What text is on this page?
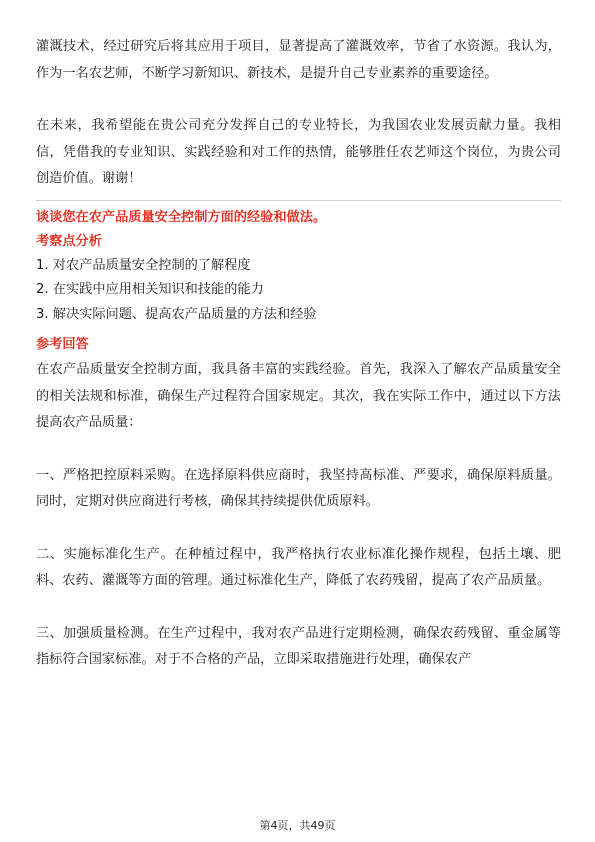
灌溉技术，经过研究后将其应用于项目，显著提高了灌溉效率，节省了水资源。我认为，作为一名农艺师，不断学习新知识、新技术，是提升自己专业素养的重要途径。

在未来，我希望能在贵公司充分发挥自己的专业特长，为我国农业发展贡献力量。我相信，凭借我的专业知识、实践经验和对工作的热情，能够胜任农艺师这个岗位，为贵公司创造价值。谢谢！

谈谈您在农产品质量安全控制方面的经验和做法。

考察点分析

1. 对农产品质量安全控制的了解程度

2. 在实践中应用相关知识和技能的能力

3. 解决实际问题、提高农产品质量的方法和经验

参考回答

在农产品质量安全控制方面，我具备丰富的实践经验。首先，我深入了解农产品质量安全的相关法规和标准，确保生产过程符合国家规定。其次，我在实际工作中，通过以下方法提高农产品质量：

一、严格把控原料采购。在选择原料供应商时，我坚持高标准、严要求，确保原料质量。同时，定期对供应商进行考核，确保其持续提供优质原料。

二、实施标准化生产。在种植过程中，我严格执行农业标准化操作规程，包括土壤、肥料、农药、灌溉等方面的管理。通过标准化生产，降低了农药残留，提高了农产品质量。

三、加强质量检测。在生产过程中，我对农产品进行定期检测，确保农药残留、重金属等指标符合国家标准。对于不合格的产品，立即采取措施进行处理，确保农产

第4页，共49页
